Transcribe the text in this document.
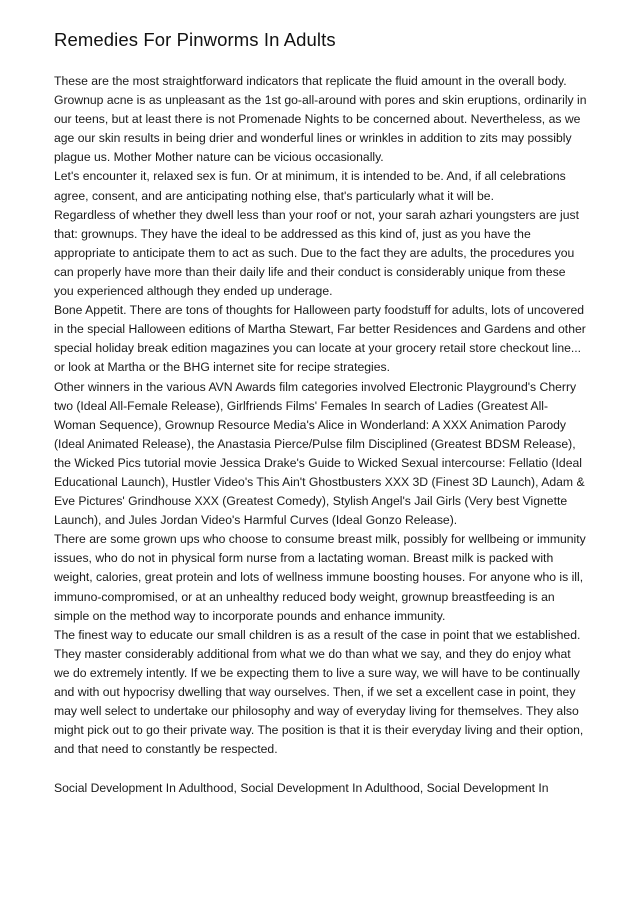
Remedies For Pinworms In Adults

These are the most straightforward indicators that replicate the fluid amount in the overall body.

Grownup acne is as unpleasant as the 1st go-all-around with pores and skin eruptions, ordinarily in our teens, but at least there is not Promenade Nights to be concerned about. Nevertheless, as we age our skin results in being drier and wonderful lines or wrinkles in addition to zits may possibly plague us. Mother Mother nature can be vicious occasionally.

Let's encounter it, relaxed sex is fun. Or at minimum, it is intended to be. And, if all celebrations agree, consent, and are anticipating nothing else, that's particularly what it will be.

Regardless of whether they dwell less than your roof or not, your sarah azhari youngsters are just that: grownups. They have the ideal to be addressed as this kind of, just as you have the appropriate to anticipate them to act as such. Due to the fact they are adults, the procedures you can properly have more than their daily life and their conduct is considerably unique from these you experienced although they ended up underage.

Bone Appetit. There are tons of thoughts for Halloween party foodstuff for adults, lots of uncovered in the special Halloween editions of Martha Stewart, Far better Residences and Gardens and other special holiday break edition magazines you can locate at your grocery retail store checkout line... or look at Martha or the BHG internet site for recipe strategies.

Other winners in the various AVN Awards film categories involved Electronic Playground's Cherry two (Ideal All-Female Release), Girlfriends Films' Females In search of Ladies (Greatest All-Woman Sequence), Grownup Resource Media's Alice in Wonderland: A XXX Animation Parody (Ideal Animated Release), the Anastasia Pierce/Pulse film Disciplined (Greatest BDSM Release), the Wicked Pics tutorial movie Jessica Drake's Guide to Wicked Sexual intercourse: Fellatio (Ideal Educational Launch), Hustler Video's This Ain't Ghostbusters XXX 3D (Finest 3D Launch), Adam & Eve Pictures' Grindhouse XXX (Greatest Comedy), Stylish Angel's Jail Girls (Very best Vignette Launch), and Jules Jordan Video's Harmful Curves (Ideal Gonzo Release).

There are some grown ups who choose to consume breast milk, possibly for wellbeing or immunity issues, who do not in physical form nurse from a lactating woman. Breast milk is packed with weight, calories, great protein and lots of wellness immune boosting houses. For anyone who is ill, immuno-compromised, or at an unhealthy reduced body weight, grownup breastfeeding is an simple on the method way to incorporate pounds and enhance immunity.

The finest way to educate our small children is as a result of the case in point that we established. They master considerably additional from what we do than what we say, and they do enjoy what we do extremely intently. If we be expecting them to live a sure way, we will have to be continually and with out hypocrisy dwelling that way ourselves. Then, if we set a excellent case in point, they may well select to undertake our philosophy and way of everyday living for themselves. They also might pick out to go their private way. The position is that it is their everyday living and their option, and that need to constantly be respected.

Social Development In Adulthood, Social Development In Adulthood, Social Development In
